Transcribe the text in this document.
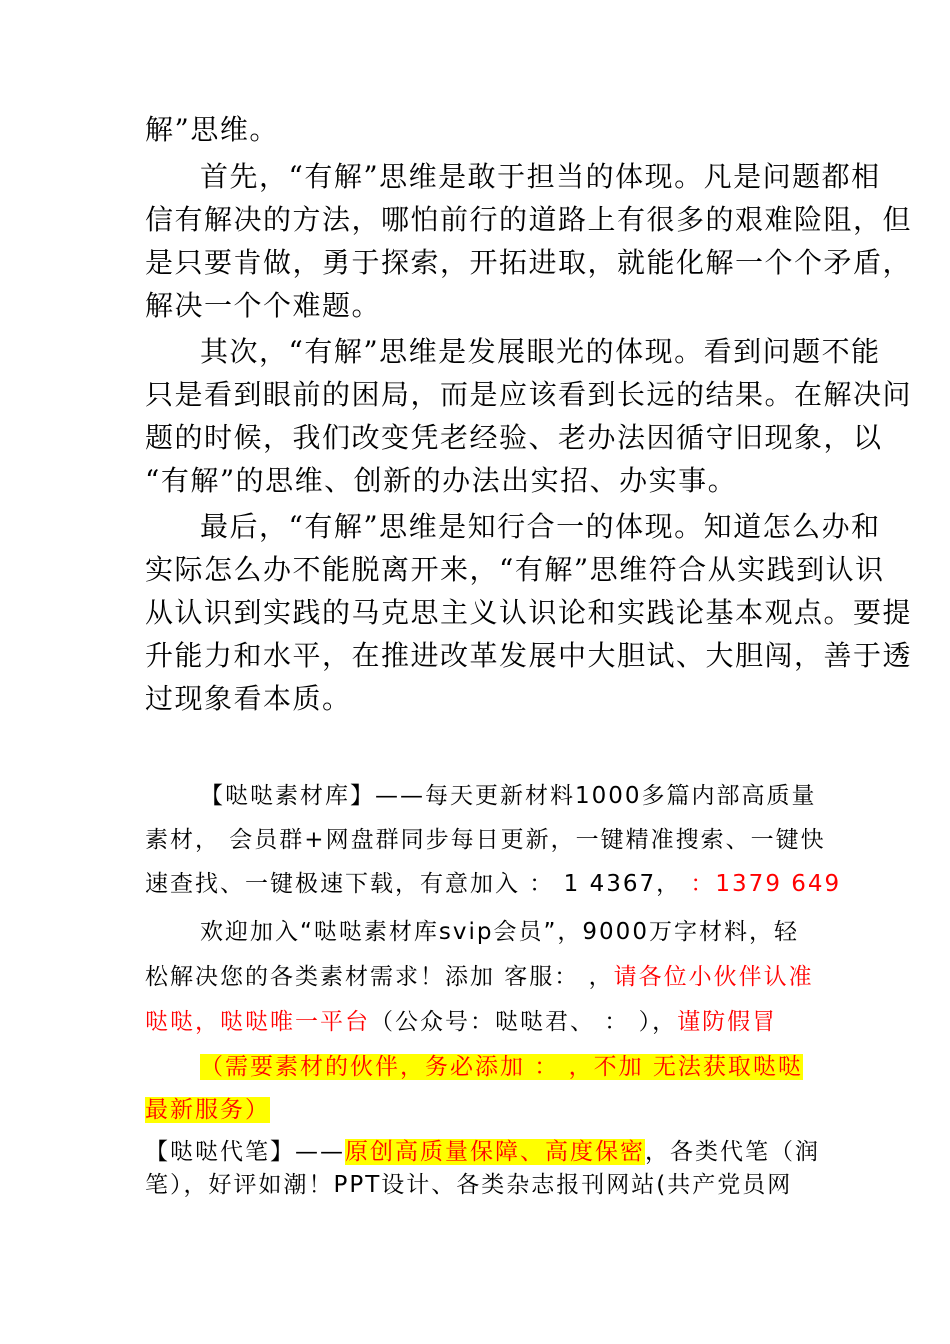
解”思维。
首先，“有解”思维是敢于担当的体现。凡是问题都相
信有解决的方法，哪怕前行的道路上有很多的艰难险阻，但
是只要肯做，勇于探索，开拓进取，就能化解一个个矛盾，
解决一个个难题。
其次，“有解”思维是发展眼光的体现。看到问题不能
只是看到眼前的困局，而是应该看到长远的结果。在解决问
题的时候，我们改变凭老经验、老办法因循守旧现象，以
“有解”的思维、创新的办法出实招、办实事。
最后，“有解”思维是知行合一的体现。知道怎么办和
实际怎么办不能脱离开来，“有解”思维符合从实践到认识
从认识到实践的马克思主义认识论和实践论基本观点。要提
升能力和水平，在推进改革发展中大胆试、大胆闯，善于透
过现象看本质。
【哒哒素材库】——每天更新材料1000多篇内部高质量
素材， 会员群+网盘群同步每日更新，一键精准搜索、一键快
速查找、一键极速下载，有意加入 ： 1 4367， ：1379 649
欢迎加入“哒哒素材库svip会员”，9000万字材料，轻
松解决您的各类素材需求！添加 客服： ，请各位小伙伴认准
哒哒，哒哒唯一平台（公众号：哒哒君、 ： ），谨防假冒
（需要素材的伙伴，务必添加 ： ，不加 无法获取哒哒
最新服务）
【哒哒代笔】——原创高质量保障、高度保密，各类代笔（润
笔），好评如潮！PPT设计、各类杂志报刊网站(共产党员网
